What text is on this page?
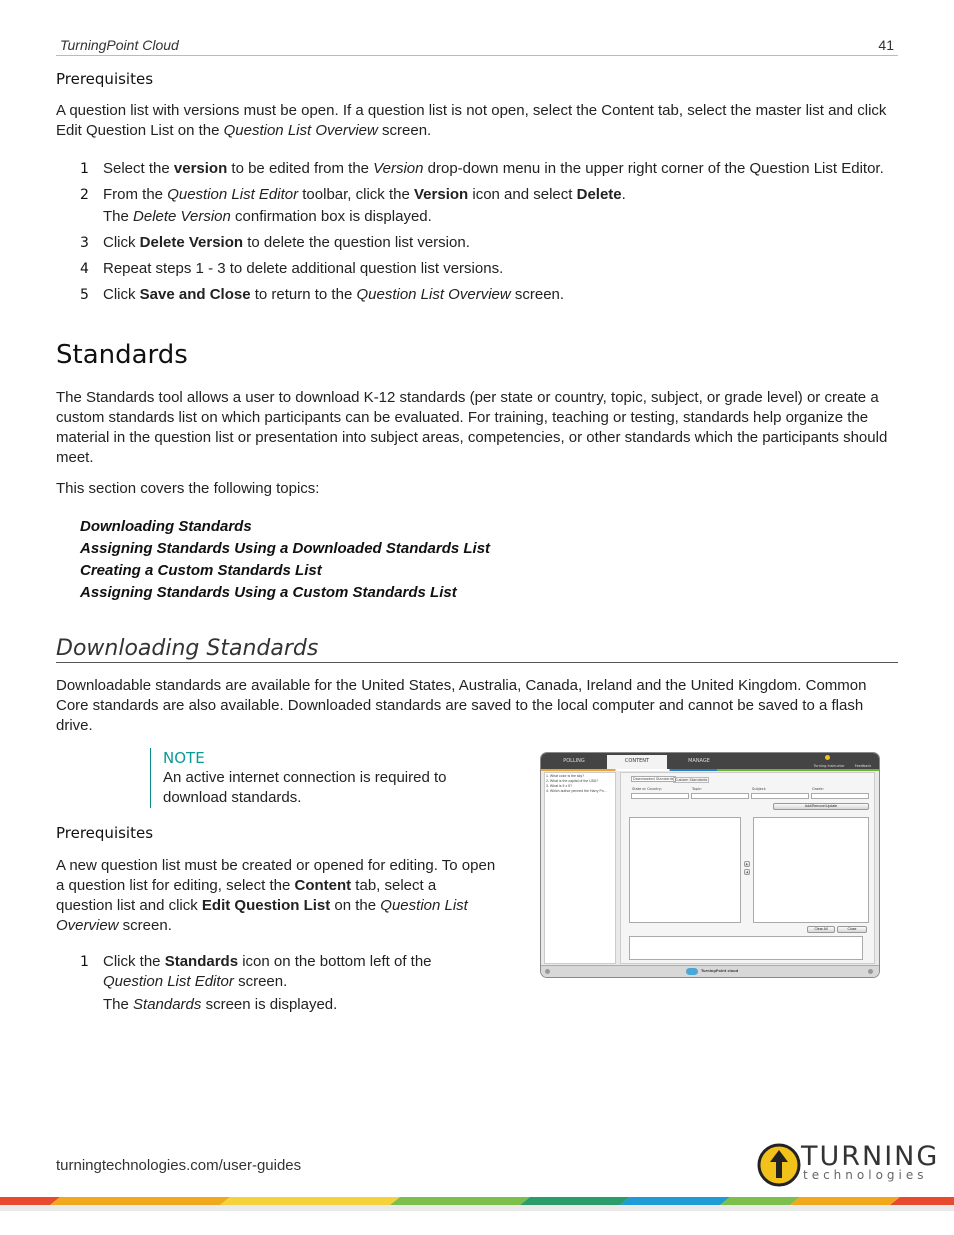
TurningPoint Cloud	41
Prerequisites
A question list with versions must be open. If a question list is not open, select the Content tab, select the master list and click Edit Question List on the Question List Overview screen.
1 Select the version to be edited from the Version drop-down menu in the upper right corner of the Question List Editor.
2 From the Question List Editor toolbar, click the Version icon and select Delete.
The Delete Version confirmation box is displayed.
3 Click Delete Version to delete the question list version.
4 Repeat steps 1 - 3 to delete additional question list versions.
5 Click Save and Close to return to the Question List Overview screen.
Standards
The Standards tool allows a user to download K-12 standards (per state or country, topic, subject, or grade level) or create a custom standards list on which participants can be evaluated. For training, teaching or testing, standards help organize the material in the question list or presentation into subject areas, competencies, or other standards which the participants should meet.
This section covers the following topics:
Downloading Standards
Assigning Standards Using a Downloaded Standards List
Creating a Custom Standards List
Assigning Standards Using a Custom Standards List
Downloading Standards
Downloadable standards are available for the United States, Australia, Canada, Ireland and the United Kingdom. Common Core standards are also available. Downloaded standards are saved to the local computer and cannot be saved to a flash drive.
NOTE
An active internet connection is required to download standards.
Prerequisites
A new question list must be created or opened for editing. To open a question list for editing, select the Content tab, select a question list and click Edit Question List on the Question List Overview screen.
1 Click the Standards icon on the bottom left of the Question List Editor screen.
The Standards screen is displayed.
POLLING	CONTENT	MANAGE
Turning Instructor	Feedback
1. What color is the sky?
2. What is the capital of the USA?
3. What is 5 x 5?
4. Which author penned the Harry Po...
Downloaded Standards Custom Standards
State or Country:	Topic:	Subject:	Grade:
Add/Remove/Update
▸
◂
Clear All	Close
TurningPoint cloud
turningtechnologies.com/user-guides	TURNING
technologies
